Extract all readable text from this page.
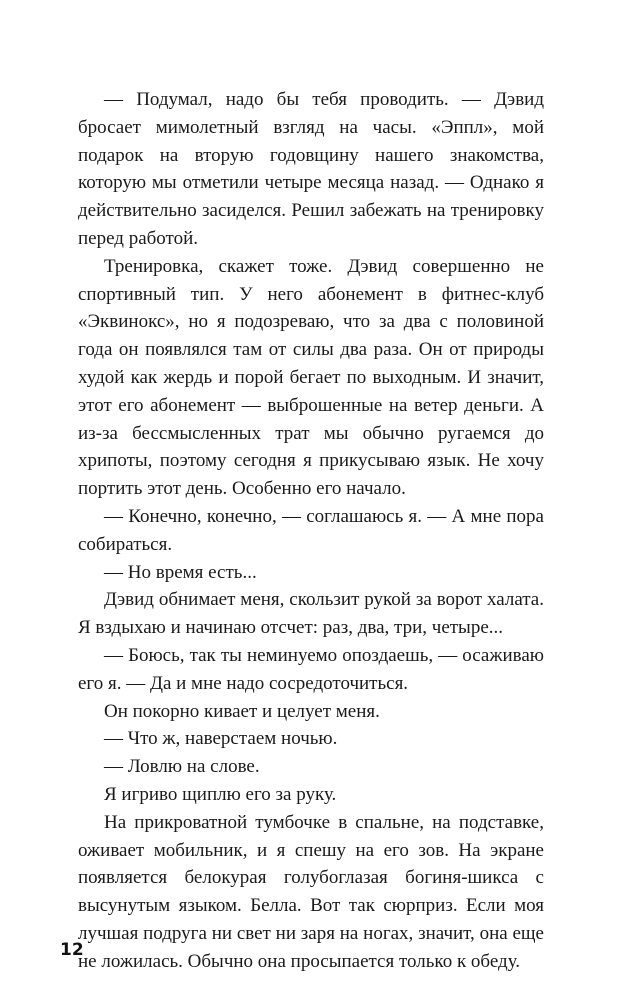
— Подумал, надо бы тебя проводить. — Дэвид бросает мимолетный взгляд на часы. «Эппл», мой подарок на вторую годовщину нашего знакомства, которую мы отметили четыре месяца назад. — Однако я действительно засиделся. Решил забежать на тренировку перед работой.

Тренировка, скажет тоже. Дэвид совершенно не спортивный тип. У него абонемент в фитнес-клуб «Эквинокс», но я подозреваю, что за два с половиной года он появлялся там от силы два раза. Он от природы худой как жердь и порой бегает по выходным. И значит, этот его абонемент — выброшенные на ветер деньги. А из-за бессмысленных трат мы обычно ругаемся до хрипоты, поэтому сегодня я прикусываю язык. Не хочу портить этот день. Особенно его начало.

— Конечно, конечно, — соглашаюсь я. — А мне пора собираться.

— Но время есть...

Дэвид обнимает меня, скользит рукой за ворот халата. Я вздыхаю и начинаю отсчет: раз, два, три, четыре...

— Боюсь, так ты неминуемо опоздаешь, — осаживаю его я. — Да и мне надо сосредоточиться.

Он покорно кивает и целует меня.

— Что ж, наверстаем ночью.

— Ловлю на слове.

Я игриво щиплю его за руку.

На прикроватной тумбочке в спальне, на подставке, оживает мобильник, и я спешу на его зов. На экране появляется белокурая голубоглазая богиня-шикса с высунутым языком. Белла. Вот так сюрприз. Если моя лучшая подруга ни свет ни заря на ногах, значит, она еще не ложилась. Обычно она просыпается только к обеду.

12
